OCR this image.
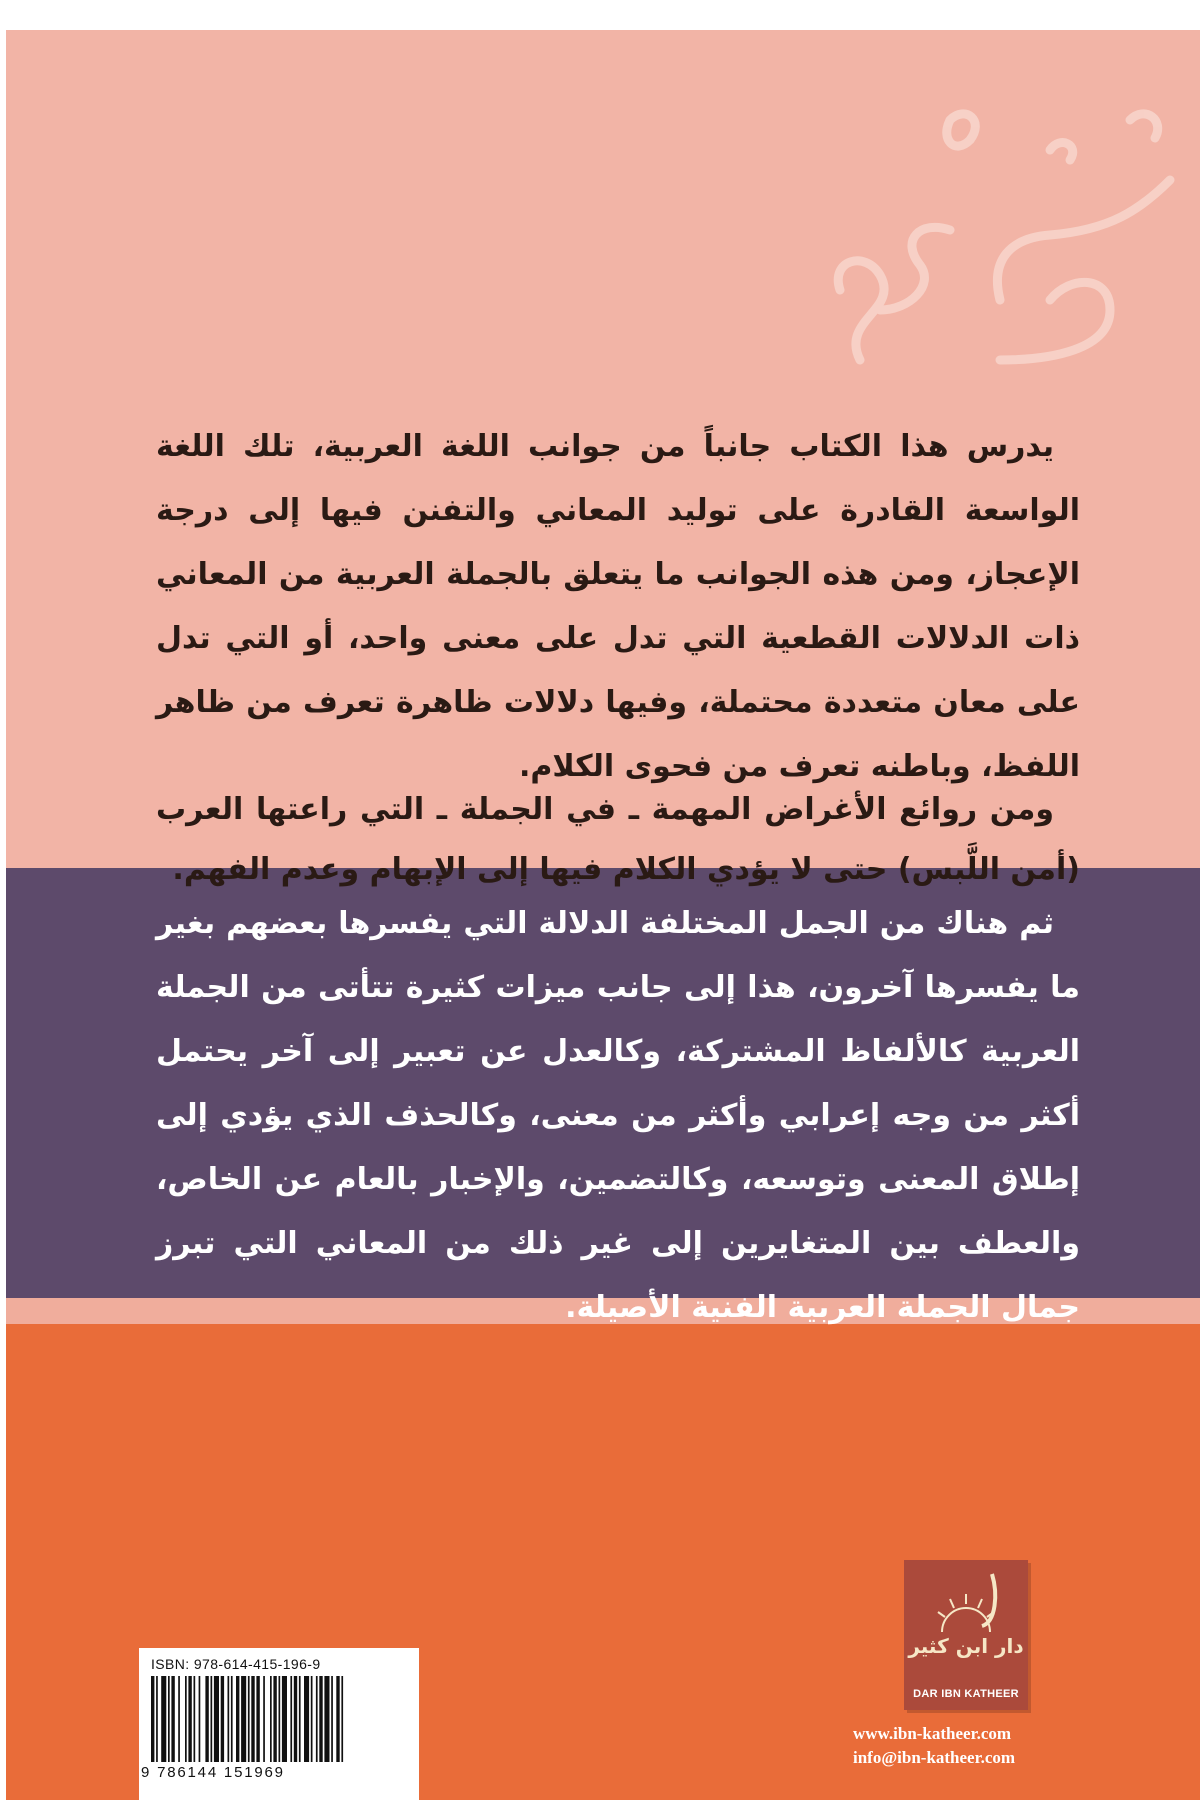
يدرس هذا الكتاب جانباً من جوانب اللغة العربية، تلك اللغة الواسعة القادرة على توليد المعاني والتفنن فيها إلى درجة الإعجاز، ومن هذه الجوانب ما يتعلق بالجملة العربية من المعاني ذات الدلالات القطعية التي تدل على معنى واحد، أو التي تدل على معان متعددة محتملة، وفيها دلالات ظاهرة تعرف من ظاهر اللفظ، وباطنه تعرف من فحوى الكلام.

ومن روائع الأغراض المهمة ـ في الجملة ـ التي راعتها العرب (أمن اللَّبس) حتى لا يؤدي الكلام فيها إلى الإبهام وعدم الفهم.

ثم هناك من الجمل المختلفة الدلالة التي يفسرها بعضهم بغير ما يفسرها آخرون، هذا إلى جانب ميزات كثيرة تتأتى من الجملة العربية كالألفاظ المشتركة، وكالعدل عن تعبير إلى آخر يحتمل أكثر من وجه إعرابي وأكثر من معنى، وكالحذف الذي يؤدي إلى إطلاق المعنى وتوسعه، وكالتضمين، والإخبار بالعام عن الخاص، والعطف بين المتغايرين إلى غير ذلك من المعاني التي تبرز جمال الجملة العربية الفنية الأصيلة.

دار ابن كثير
DAR IBN KATHEER
www.ibn-katheer.com
info@ibn-katheer.com
ISBN: 978-614-415-196-9
9 786144 151969
